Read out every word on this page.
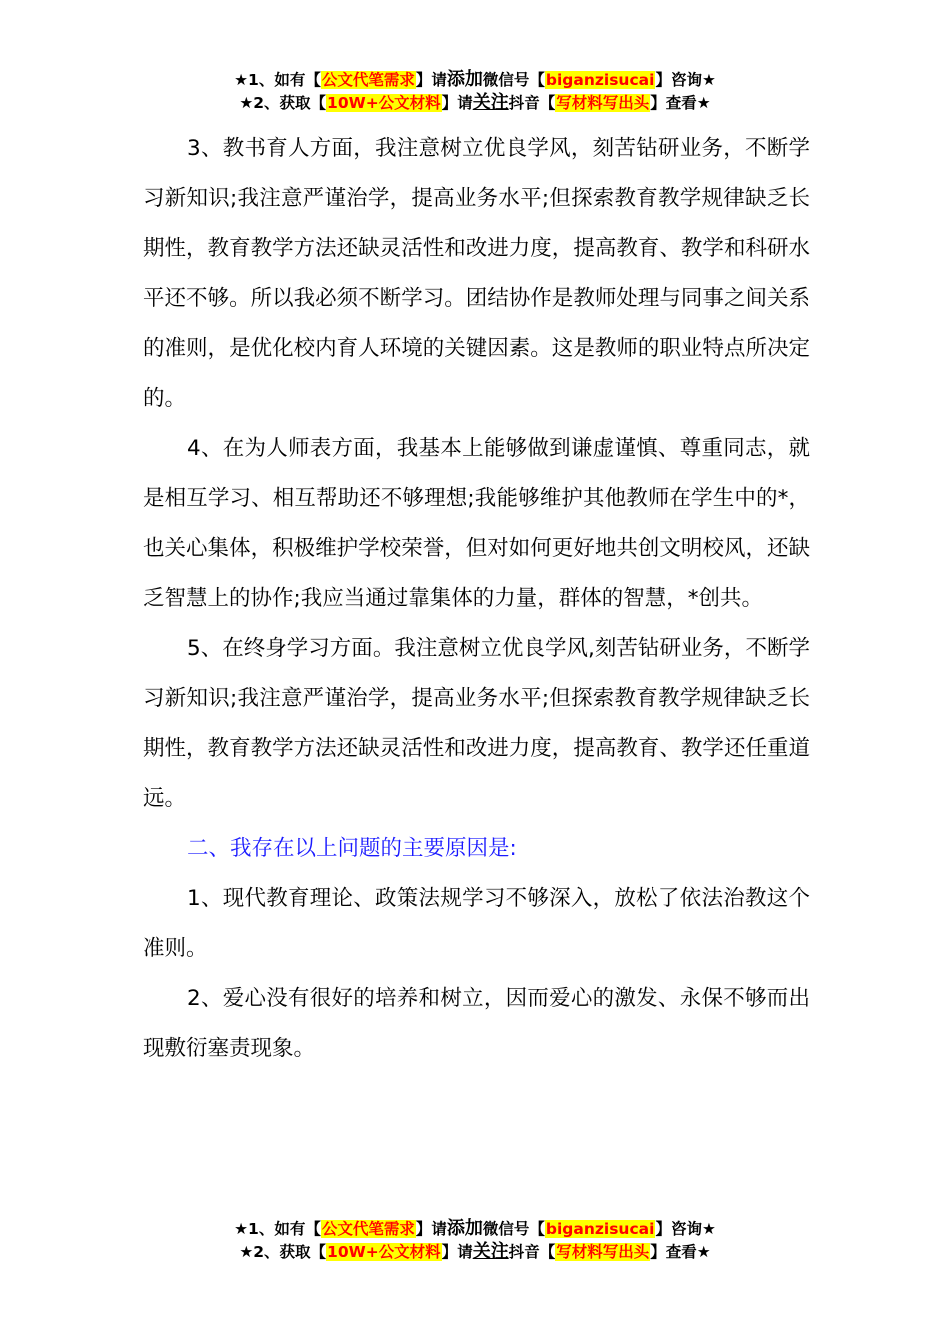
★1、如有【公文代笔需求】请添加微信号【biganzisucai】咨询★
★2、获取【10W+公文材料】请关注抖音【写材料写出头】查看★

3、教书育人方面，我注意树立优良学风，刻苦钻研业务，不断学习新知识;我注意严谨治学，提高业务水平;但探索教育教学规律缺乏长期性，教育教学方法还缺灵活性和改进力度，提高教育、教学和科研水平还不够。所以我必须不断学习。团结协作是教师处理与同事之间关系的准则，是优化校内育人环境的关键因素。这是教师的职业特点所决定的。

4、在为人师表方面，我基本上能够做到谦虚谨慎、尊重同志，就是相互学习、相互帮助还不够理想;我能够维护其他教师在学生中的*，也关心集体，积极维护学校荣誉，但对如何更好地共创文明校风，还缺乏智慧上的协作;我应当通过靠集体的力量，群体的智慧，*创共。

5、在终身学习方面。我注意树立优良学风,刻苦钻研业务，不断学习新知识;我注意严谨治学，提高业务水平;但探索教育教学规律缺乏长期性，教育教学方法还缺灵活性和改进力度，提高教育、教学还任重道远。

二、我存在以上问题的主要原因是:

1、现代教育理论、政策法规学习不够深入，放松了依法治教这个准则。

2、爱心没有很好的培养和树立，因而爱心的激发、永保不够而出现敷衍塞责现象。

★1、如有【公文代笔需求】请添加微信号【biganzisucai】咨询★
★2、获取【10W+公文材料】请关注抖音【写材料写出头】查看★
